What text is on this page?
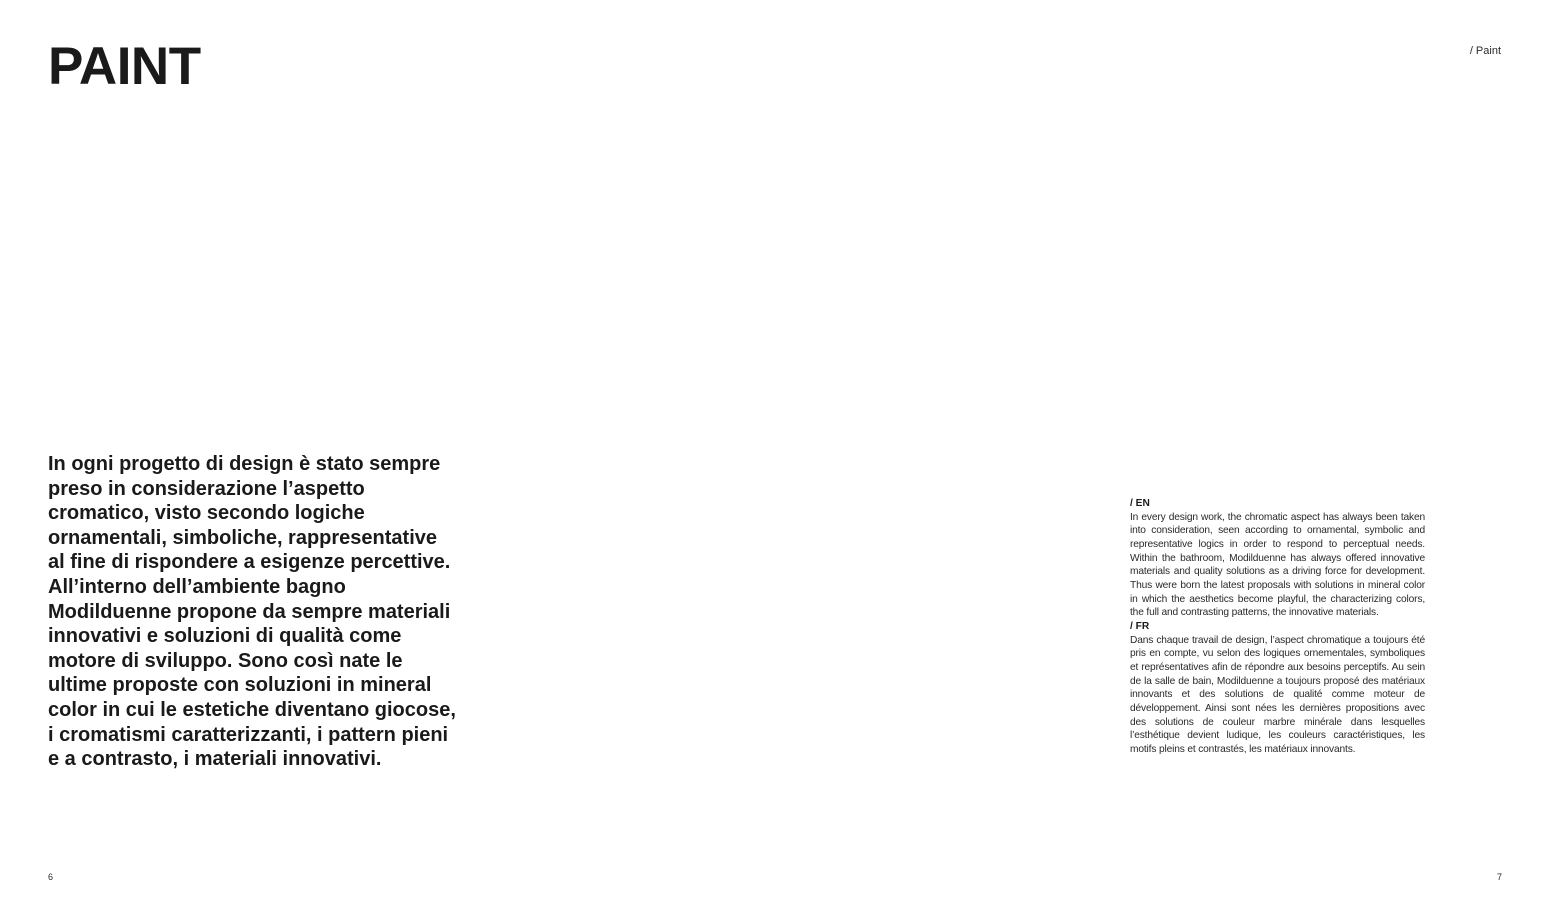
PAINT	/ Paint

In ogni progetto di design è stato sempre
preso in considerazione l’aspetto
cromatico, visto secondo logiche
ornamentali, simboliche, rappresentative
al fine di rispondere a esigenze percettive.
All’interno dell’ambiente bagno
Modilduenne propone da sempre materiali
innovativi e soluzioni di qualità come
motore di sviluppo. Sono così nate le
ultime proposte con soluzioni in mineral
color in cui le estetiche diventano giocose,
i cromatismi caratterizzanti, i pattern pieni
e a contrasto, i materiali innovativi.

/ EN

In every design work, the chromatic aspect has always been taken into consideration, seen according to ornamental, symbolic and representative logics in order to respond to perceptual needs. Within the bathroom, Modilduenne has always offered innovative materials and quality solutions as a driving force for development. Thus were born the latest proposals with solutions in mineral color in which the aesthetics become playful, the characterizing colors, the full and contrasting patterns, the innovative materials.

/ FR

Dans chaque travail de design, l’aspect chromatique a toujours été pris en compte, vu selon des logiques ornementales, symboliques et représentatives afin de répondre aux besoins perceptifs. Au sein de la salle de bain, Modilduenne a toujours proposé des matériaux innovants et des solutions de qualité comme moteur de développement. Ainsi sont nées les dernières propositions avec des solutions de couleur marbre minérale dans lesquelles l’esthétique devient ludique, les couleurs caractéristiques, les motifs pleins et contrastés, les matériaux innovants.

6	7
